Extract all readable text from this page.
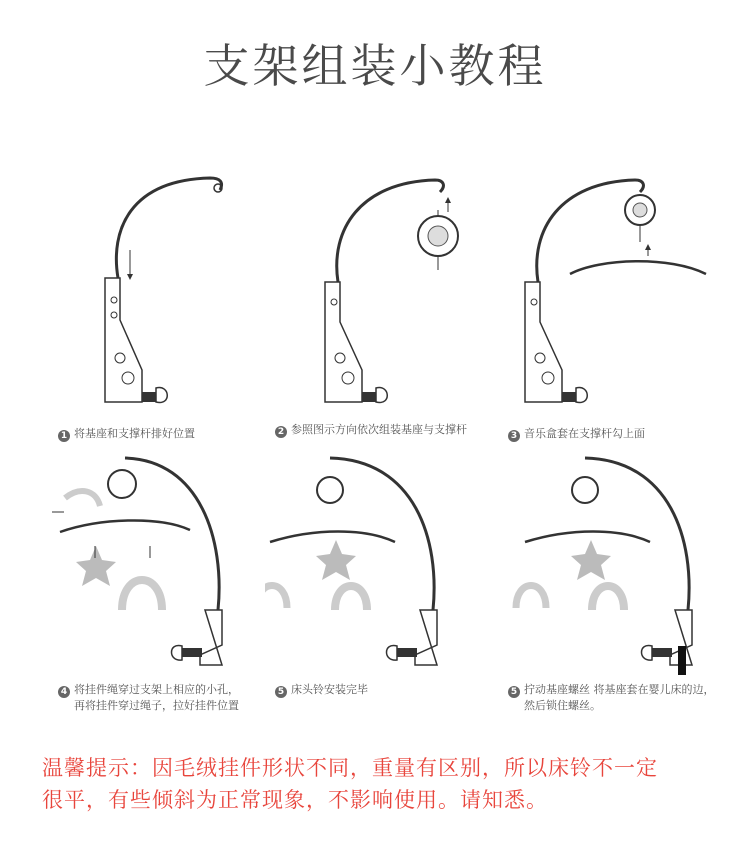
支架组装小教程
1 将基座和支撑杆排好位置	2 参照图示方向依次组装基座与支撑杆	3 音乐盒套在支撑杆勾上面
4 将挂件绳穿过支架上相应的小孔，
再将挂件穿过绳子，拉好挂件位置
5 床头铃安装完毕	5 拧动基座螺丝 将基座套在婴儿床的边，
然后锁住螺丝。
温馨提示：因毛绒挂件形状不同，重量有区别，所以床铃不一定
很平，有些倾斜为正常现象，不影响使用。请知悉。
